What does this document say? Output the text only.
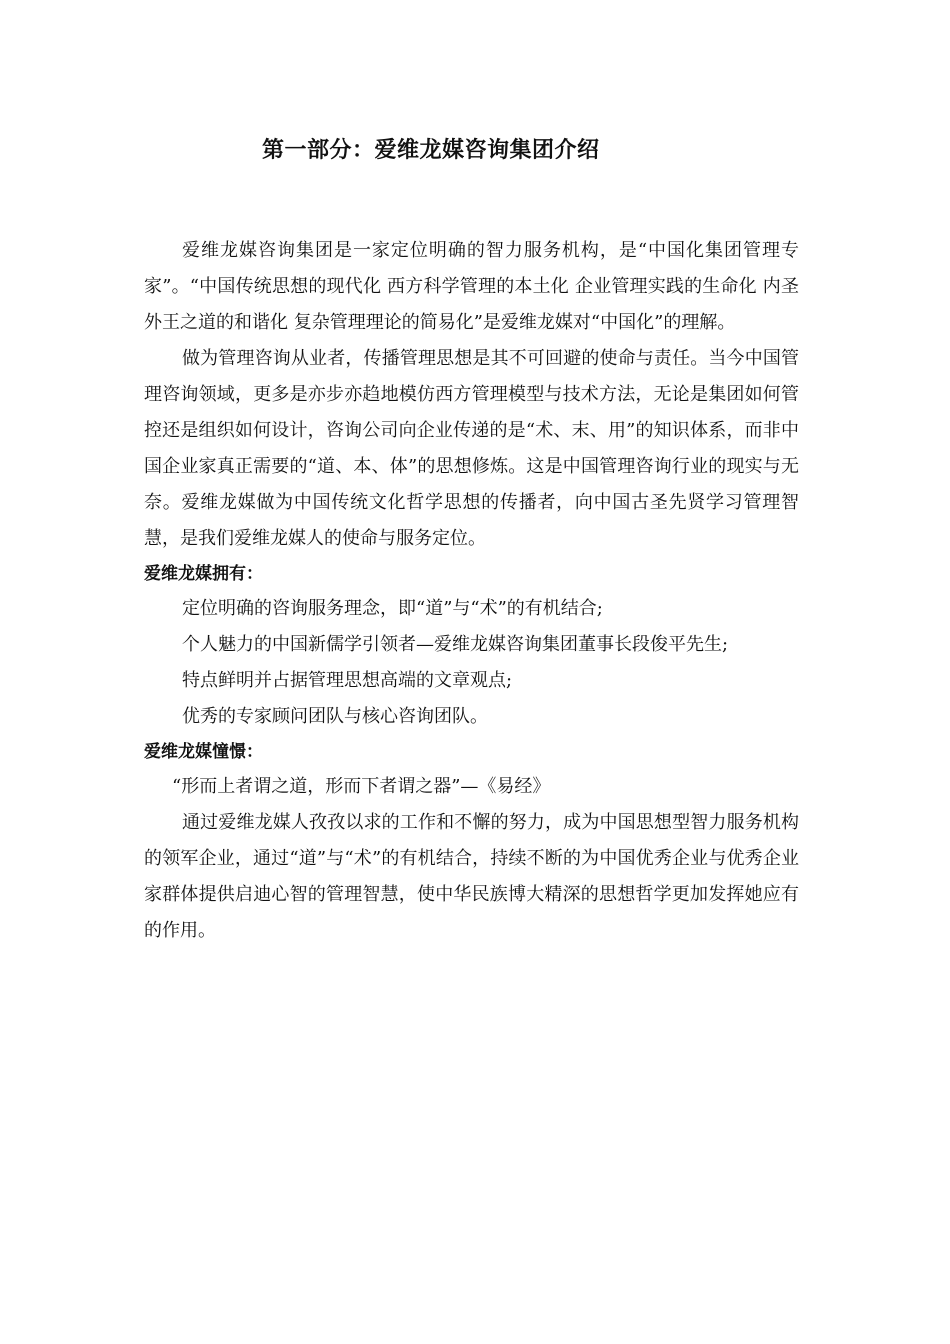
第一部分：爱维龙媒咨询集团介绍

爱维龙媒咨询集团是一家定位明确的智力服务机构，是“中国化集团管理专家”。“中国传统思想的现代化 西方科学管理的本土化 企业管理实践的生命化 内圣外王之道的和谐化 复杂管理理论的简易化”是爱维龙媒对“中国化”的理解。

做为管理咨询从业者，传播管理思想是其不可回避的使命与责任。当今中国管理咨询领域，更多是亦步亦趋地模仿西方管理模型与技术方法，无论是集团如何管控还是组织如何设计，咨询公司向企业传递的是“术、末、用”的知识体系，而非中国企业家真正需要的“道、本、体”的思想修炼。这是中国管理咨询行业的现实与无奈。爱维龙媒做为中国传统文化哲学思想的传播者，向中国古圣先贤学习管理智慧，是我们爱维龙媒人的使命与服务定位。

爱维龙媒拥有：

定位明确的咨询服务理念，即“道”与“术”的有机结合;

个人魅力的中国新儒学引领者—爱维龙媒咨询集团董事长段俊平先生;

特点鲜明并占据管理思想高端的文章观点;

优秀的专家顾问团队与核心咨询团队。

爱维龙媒憧憬：

“形而上者谓之道，形而下者谓之器”—《易经》

通过爱维龙媒人孜孜以求的工作和不懈的努力，成为中国思想型智力服务机构的领军企业，通过“道”与“术”的有机结合，持续不断的为中国优秀企业与优秀企业家群体提供启迪心智的管理智慧，使中华民族博大精深的思想哲学更加发挥她应有的作用。
